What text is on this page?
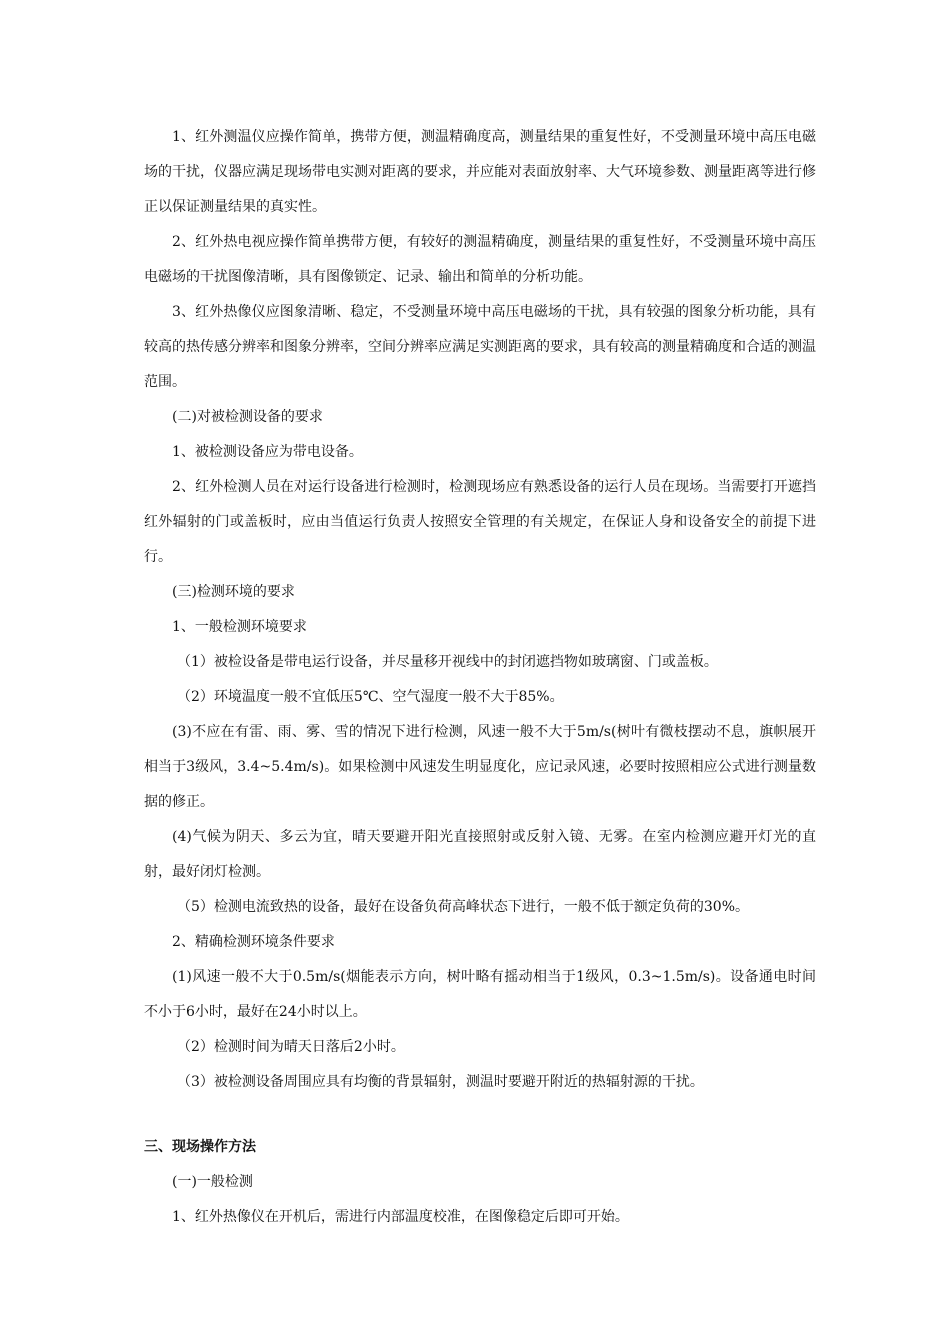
1、红外测温仪应操作简单，携带方便，测温精确度高，测量结果的重复性好，不受测量环境中高压电磁场的干扰，仪器应满足现场带电实测对距离的要求，并应能对表面放射率、大气环境参数、测量距离等进行修正以保证测量结果的真实性。

2、红外热电视应操作简单携带方便，有较好的测温精确度，测量结果的重复性好，不受测量环境中高压电磁场的干扰图像清晰，具有图像锁定、记录、输出和简单的分析功能。

3、红外热像仪应图象清晰、稳定，不受测量环境中高压电磁场的干扰，具有较强的图象分析功能，具有较高的热传感分辨率和图象分辨率，空间分辨率应满足实测距离的要求，具有较高的测量精确度和合适的测温范围。

(二)对被检测设备的要求

1、被检测设备应为带电设备。

2、红外检测人员在对运行设备进行检测时，检测现场应有熟悉设备的运行人员在现场。当需要打开遮挡红外辐射的门或盖板时，应由当值运行负责人按照安全管理的有关规定，在保证人身和设备安全的前提下进行。

(三)检测环境的要求

1、一般检测环境要求

（1）被检设备是带电运行设备，并尽量移开视线中的封闭遮挡物如玻璃窗、门或盖板。

（2）环境温度一般不宜低压5℃、空气湿度一般不大于85%。

(3)不应在有雷、雨、雾、雪的情况下进行检测，风速一般不大于5m/s(树叶有微枝摆动不息，旗帜展开相当于3级风，3.4~5.4m/s)。如果检测中风速发生明显度化，应记录风速，必要时按照相应公式进行测量数据的修正。

(4)气候为阴天、多云为宜，晴天要避开阳光直接照射或反射入镜、无雾。在室内检测应避开灯光的直射，最好闭灯检测。

（5）检测电流致热的设备，最好在设备负荷高峰状态下进行，一般不低于额定负荷的30%。

2、精确检测环境条件要求

(1)风速一般不大于0.5m/s(烟能表示方向，树叶略有摇动相当于1级风，0.3~1.5m/s)。设备通电时间不小于6小时，最好在24小时以上。

（2）检测时间为晴天日落后2小时。

（3）被检测设备周围应具有均衡的背景辐射，测温时要避开附近的热辐射源的干扰。

三、现场操作方法

(一)一般检测

1、红外热像仪在开机后，需进行内部温度校准，在图像稳定后即可开始。
